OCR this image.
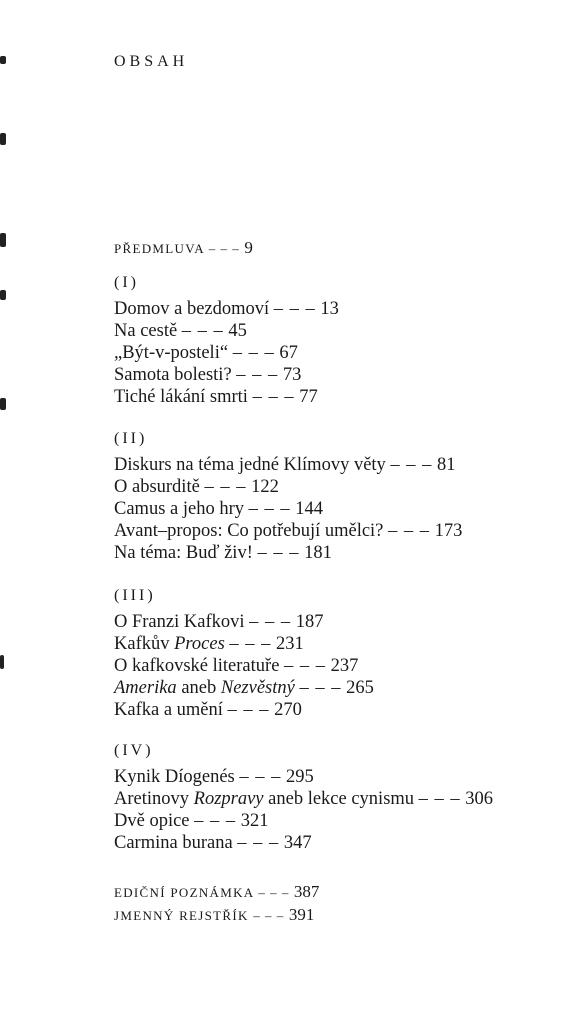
OBSAH
PŘEDMLUVA – – – 9
(I)
Domov a bezdomoví – – – 13
Na cestě – – – 45
„Být-v-posteli“ – – – 67
Samota bolesti? – – – 73
Tiché lákání smrti – – – 77
(II)
Diskurs na téma jedné Klímovy věty – – – 81
O absurditě – – – 122
Camus a jeho hry – – – 144
Avant–propos: Co potřebují umělci? – – – 173
Na téma: Buď živ! – – – 181
(III)
O Franzi Kafkovi – – – 187
Kafkův Proces – – – 231
O kafkovské literatuře – – – 237
Amerika aneb Nezvěstný – – – 265
Kafka a umění – – – 270
(IV)
Kynik Díogenés – – – 295
Aretinovy Rozpravy aneb lekce cynismu – – – 306
Dvě opice – – – 321
Carmina burana – – – 347
EDIČNÍ POZNÁMKA – – – 387
JMENNÝ REJSTŘÍK – – – 391
